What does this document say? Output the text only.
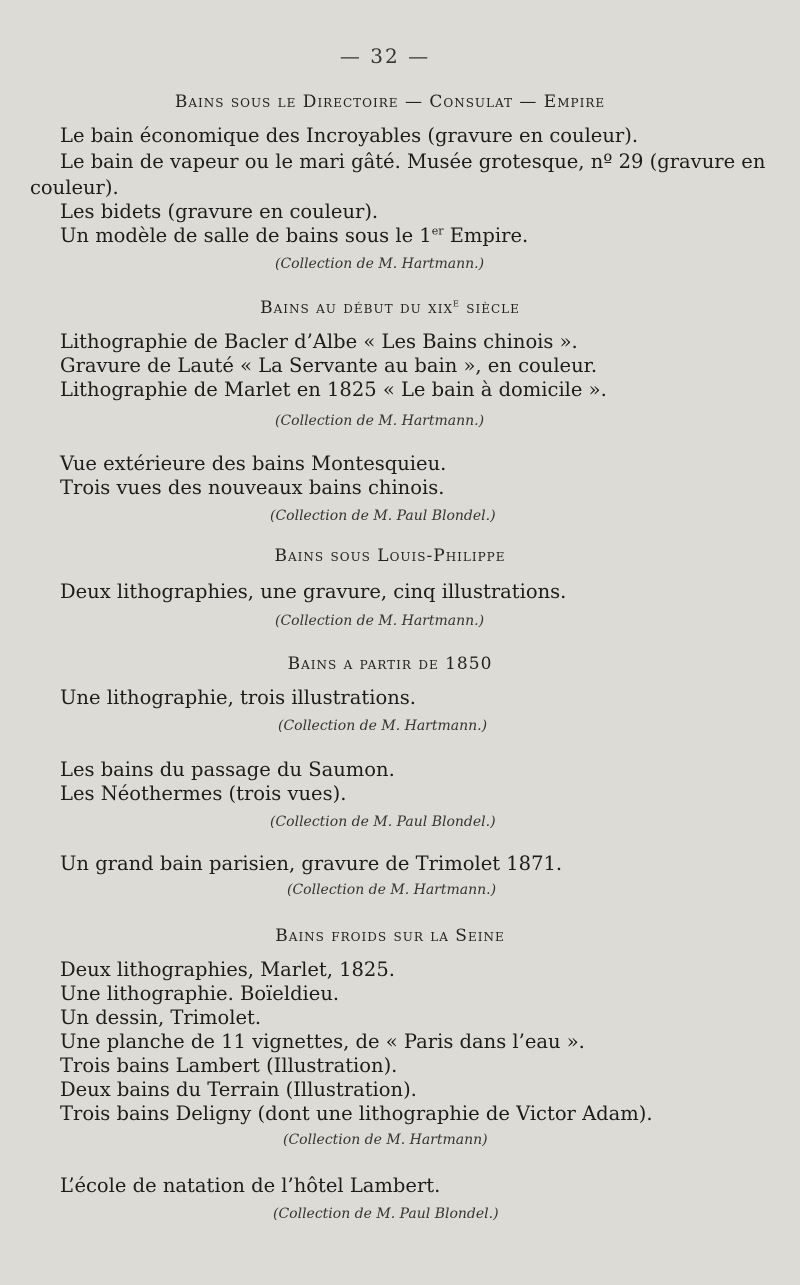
— 32 —
Bains sous le Directoire — Consulat — Empire
Le bain économique des Incroyables (gravure en couleur).
Le bain de vapeur ou le mari gâté. Musée grotesque, nº 29 (gravure en
couleur).
Les bidets (gravure en couleur).
Un modèle de salle de bains sous le 1er Empire.
(Collection de M. Hartmann.)
Bains au début du xix$^e$ siècle
Lithographie de Bacler d’Albe « Les Bains chinois ».
Gravure de Lauté « La Servante au bain », en couleur.
Lithographie de Marlet en 1825 « Le bain à domicile ».
(Collection de M. Hartmann.)
Vue extérieure des bains Montesquieu.
Trois vues des nouveaux bains chinois.
(Collection de M. Paul Blondel.)
Bains sous Louis-Philippe
Deux lithographies, une gravure, cinq illustrations.
(Collection de M. Hartmann.)
Bains a partir de 1850
Une lithographie, trois illustrations.
(Collection de M. Hartmann.)
Les bains du passage du Saumon.
Les Néothermes (trois vues).
(Collection de M. Paul Blondel.)
Un grand bain parisien, gravure de Trimolet 1871.
(Collection de M. Hartmann.)
Bains froids sur la Seine
Deux lithographies, Marlet, 1825.
Une lithographie. Boïeldieu.
Un dessin, Trimolet.
Une planche de 11 vignettes, de « Paris dans l’eau ».
Trois bains Lambert (Illustration).
Deux bains du Terrain (Illustration).
Trois bains Deligny (dont une lithographie de Victor Adam).
(Collection de M. Hartmann)
L’école de natation de l’hôtel Lambert.
(Collection de M. Paul Blondel.)
